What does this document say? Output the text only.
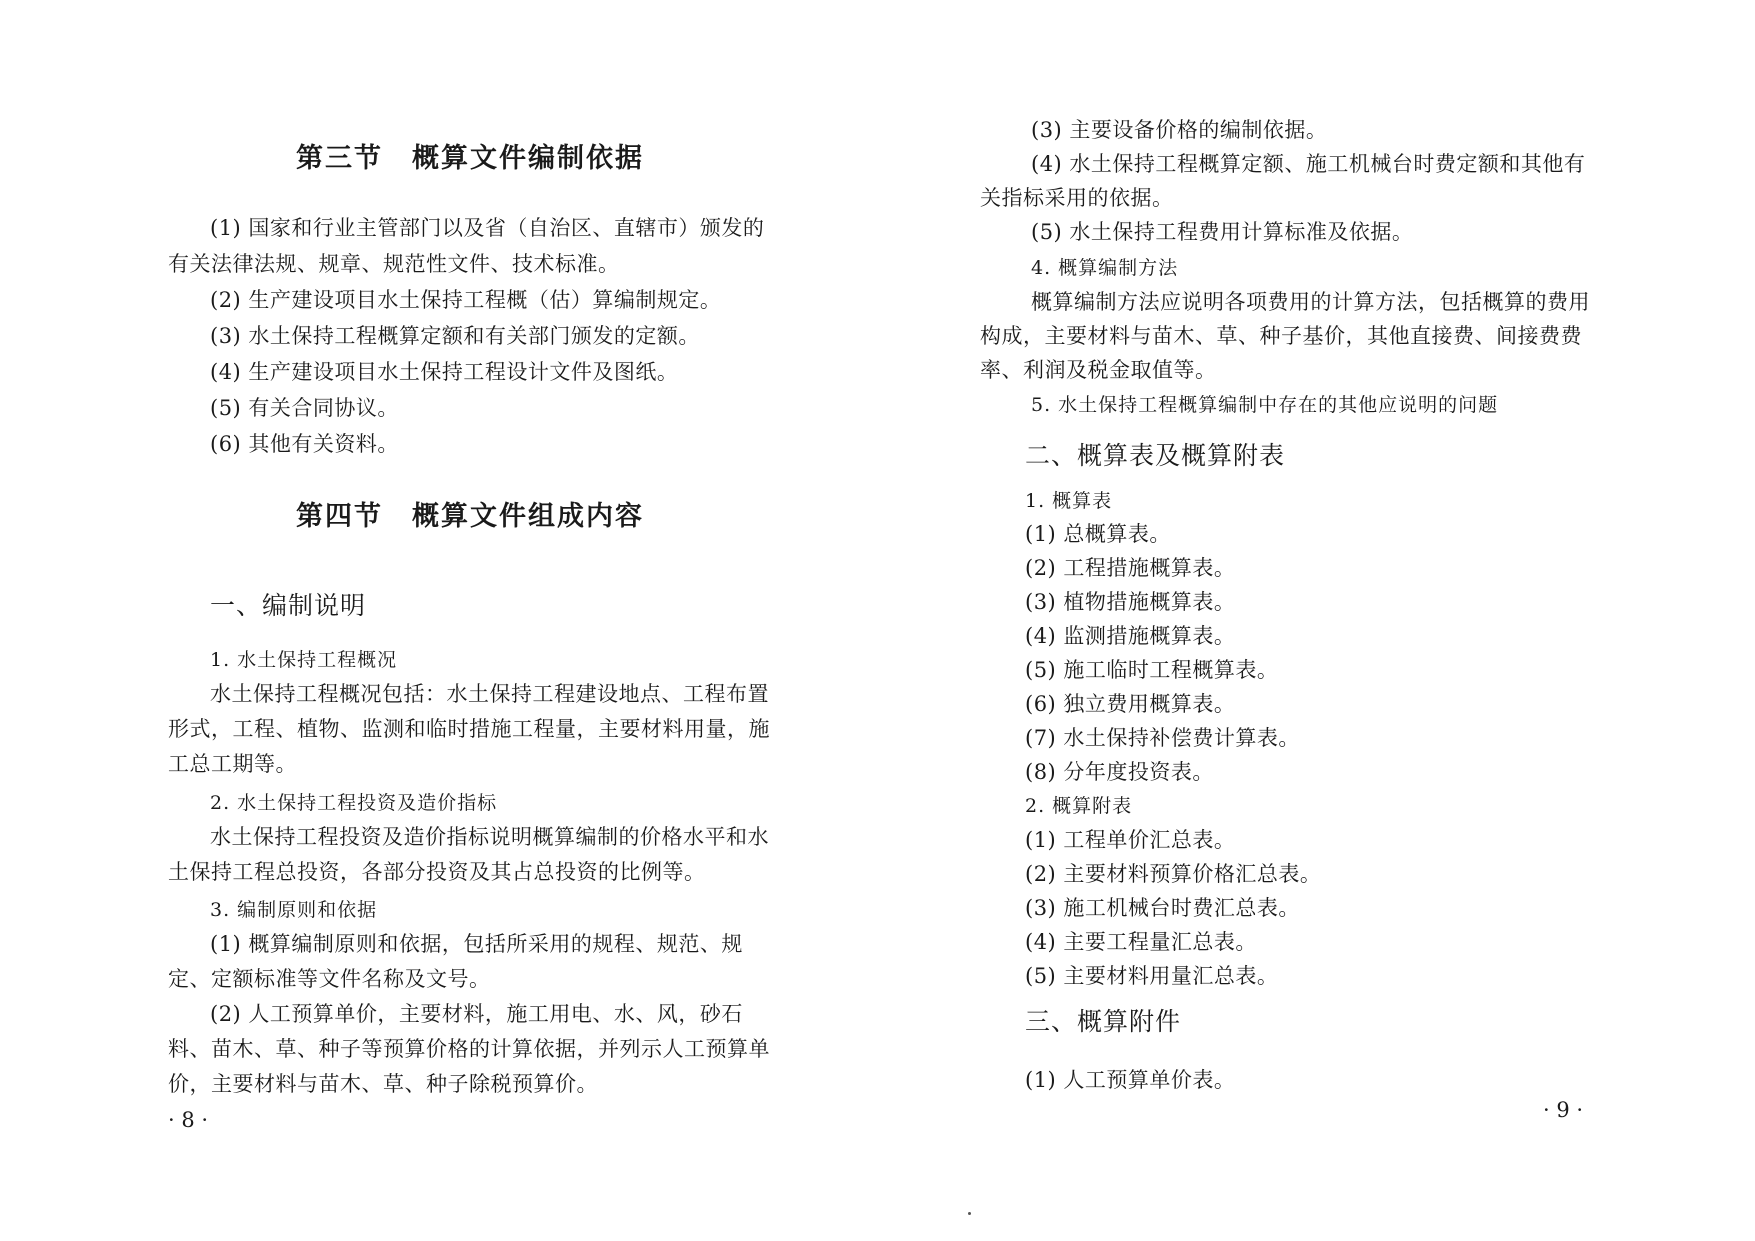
第三节　概算文件编制依据
(1) 国家和行业主管部门以及省（自治区、直辖市）颁发的
有关法律法规、规章、规范性文件、技术标准。
(2) 生产建设项目水土保持工程概（估）算编制规定。
(3) 水土保持工程概算定额和有关部门颁发的定额。
(4) 生产建设项目水土保持工程设计文件及图纸。
(5) 有关合同协议。
(6) 其他有关资料。
第四节　概算文件组成内容
一、编制说明
1. 水土保持工程概况
水土保持工程概况包括：水土保持工程建设地点、工程布置
形式，工程、植物、监测和临时措施工程量，主要材料用量，施
工总工期等。
2. 水土保持工程投资及造价指标
水土保持工程投资及造价指标说明概算编制的价格水平和水
土保持工程总投资，各部分投资及其占总投资的比例等。
3. 编制原则和依据
(1) 概算编制原则和依据，包括所采用的规程、规范、规
定、定额标准等文件名称及文号。
(2) 人工预算单价，主要材料，施工用电、水、风，砂石
料、苗木、草、种子等预算价格的计算依据，并列示人工预算单
价，主要材料与苗木、草、种子除税预算价。
· 8 ·
(3) 主要设备价格的编制依据。
(4) 水土保持工程概算定额、施工机械台时费定额和其他有
关指标采用的依据。
(5) 水土保持工程费用计算标准及依据。
4. 概算编制方法
概算编制方法应说明各项费用的计算方法，包括概算的费用
构成，主要材料与苗木、草、种子基价，其他直接费、间接费费
率、利润及税金取值等。
5. 水土保持工程概算编制中存在的其他应说明的问题
二、概算表及概算附表
1. 概算表
(1) 总概算表。
(2) 工程措施概算表。
(3) 植物措施概算表。
(4) 监测措施概算表。
(5) 施工临时工程概算表。
(6) 独立费用概算表。
(7) 水土保持补偿费计算表。
(8) 分年度投资表。
2. 概算附表
(1) 工程单价汇总表。
(2) 主要材料预算价格汇总表。
(3) 施工机械台时费汇总表。
(4) 主要工程量汇总表。
(5) 主要材料用量汇总表。
三、概算附件
(1) 人工预算单价表。
· 9 ·
